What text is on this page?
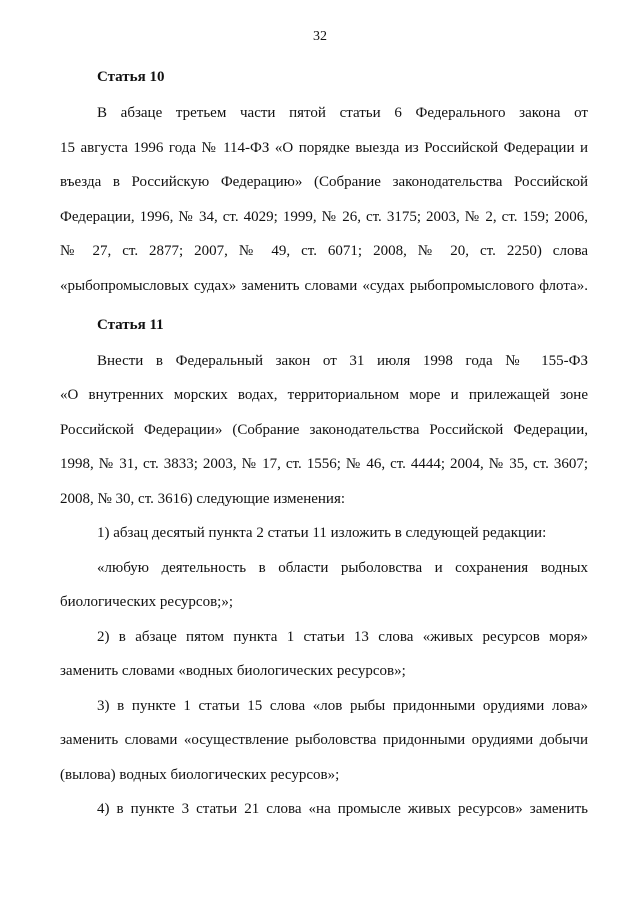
32
Статья 10
В абзаце третьем части пятой статьи 6 Федерального закона от
15 августа 1996 года № 114-ФЗ «О порядке выезда из Российской Федерации и
въезда в Российскую Федерацию» (Собрание законодательства Российской
Федерации, 1996, № 34, ст. 4029; 1999, № 26, ст. 3175; 2003, № 2, ст. 159; 2006,
№ 27, ст. 2877; 2007, № 49, ст. 6071; 2008, № 20, ст. 2250) слова
«рыбопромысловых судах» заменить словами «судах рыбопромыслового флота».
Статья 11
Внести в Федеральный закон от 31 июля 1998 года № 155-ФЗ
«О внутренних морских водах, территориальном море и прилежащей зоне
Российской Федерации» (Собрание законодательства Российской Федерации,
1998, № 31, ст. 3833; 2003, № 17, ст. 1556; № 46, ст. 4444; 2004, № 35, ст. 3607;
2008, № 30, ст. 3616) следующие изменения:
1) абзац десятый пункта 2 статьи 11 изложить в следующей редакции:
«любую деятельность в области рыболовства и сохранения водных
биологических ресурсов;»;
2) в абзаце пятом пункта 1 статьи 13 слова «живых ресурсов моря»
заменить словами «водных биологических ресурсов»;
3) в пункте 1 статьи 15 слова «лов рыбы придонными орудиями лова»
заменить словами «осуществление рыболовства придонными орудиями добычи
(вылова) водных биологических ресурсов»;
4) в пункте 3 статьи 21 слова «на промысле живых ресурсов» заменить
